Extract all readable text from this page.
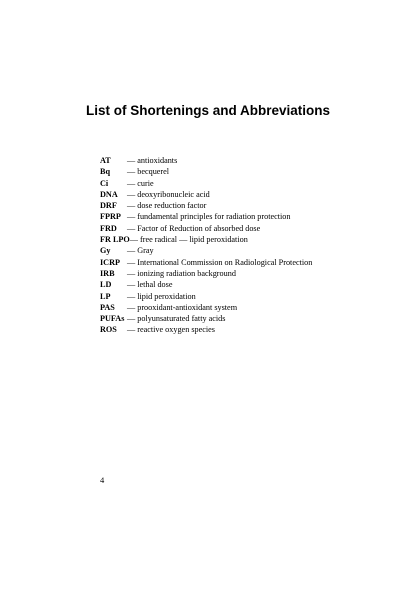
List of Shortenings and Abbreviations
AT	— antioxidants
Bq	— becquerel
Ci	— curie
DNA	— deoxyribonucleic acid
DRF	— dose reduction factor
FPRP — fundamental principles for radiation protection
FRD	— Factor of Reduction of absorbed dose
FR LPO — free radical — lipid peroxidation
Gy	— Gray
ICRP — International Commission on Radiological Protection
IRB	— ionizing radiation background
LD	— lethal dose
LP	— lipid peroxidation
PAS	— prooxidant-antioxidant system
PUFAs — polyunsaturated fatty acids
ROS	— reactive oxygen species
4
